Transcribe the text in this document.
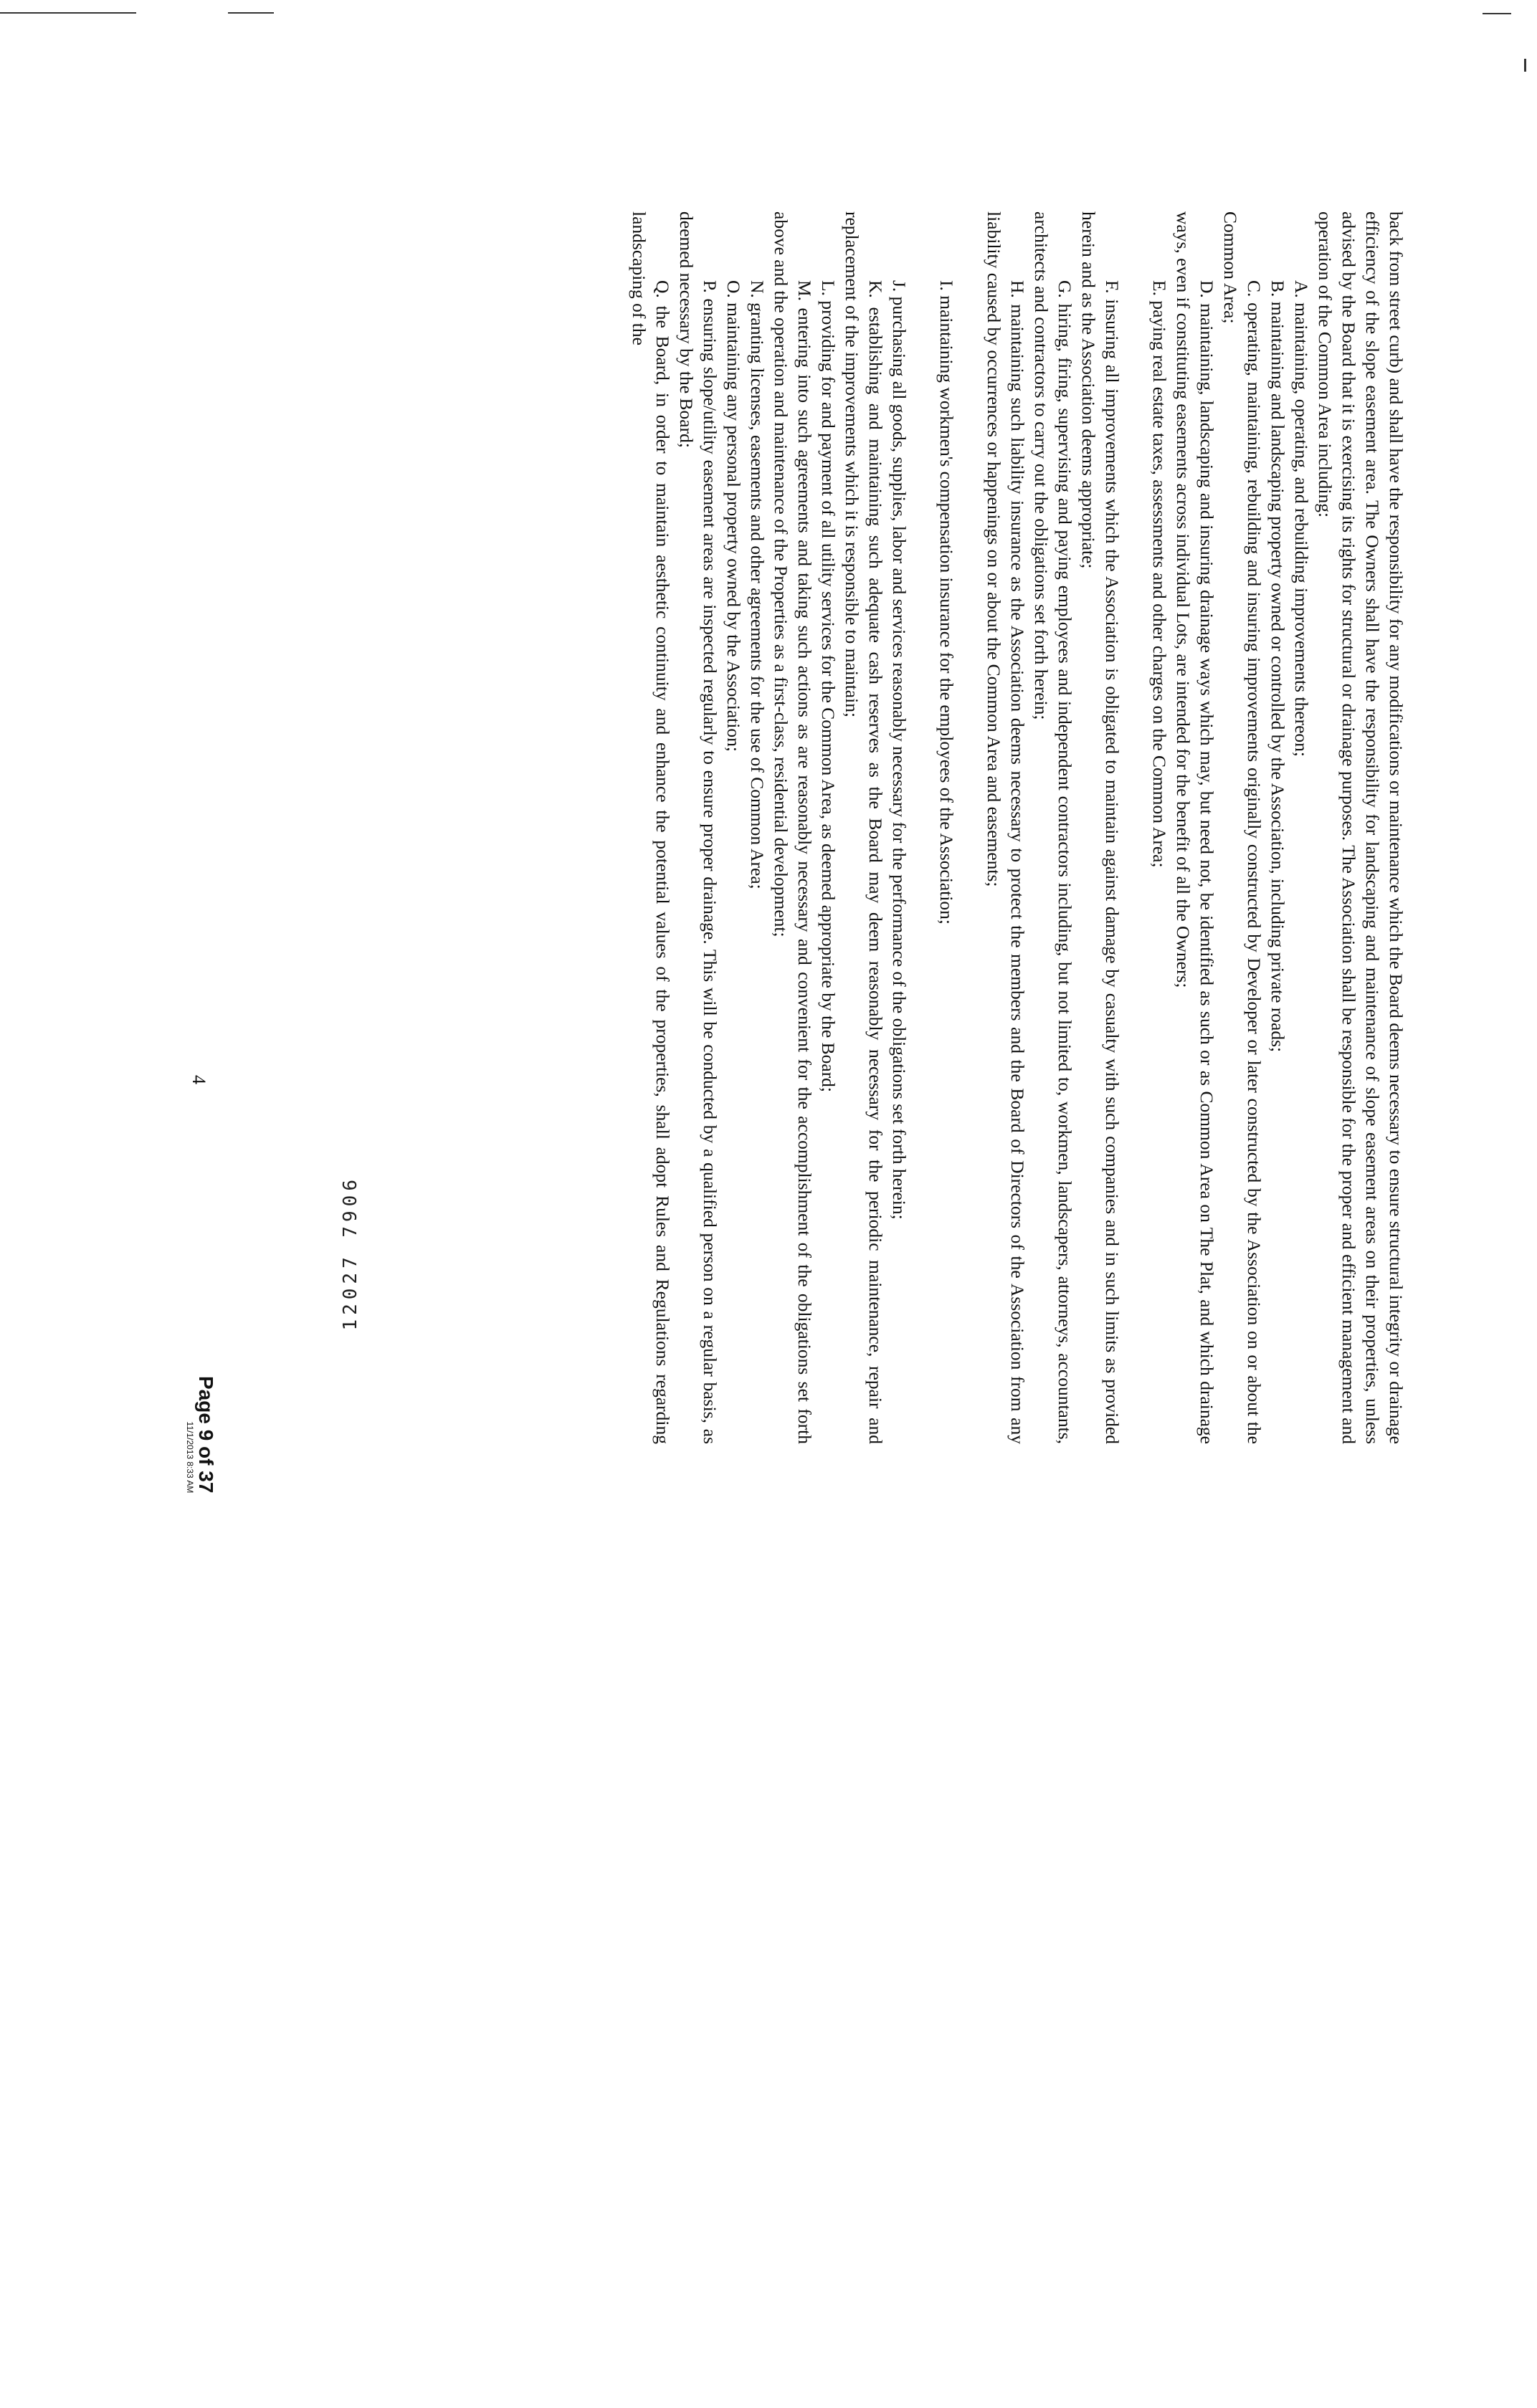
back from street curb) and shall have the responsibility for any modifications or maintenance which the Board deems necessary to ensure structural integrity or drainage efficiency of the slope easement area. The Owners shall have the responsibility for landscaping and maintenance of slope easement areas on their properties, unless advised by the Board that it is exercising its rights for structural or drainage purposes. The Association shall be responsible for the proper and efficient management and operation of the Common Area including:

A. maintaining, operating, and rebuilding improvements thereon;

B. maintaining and landscaping property owned or controlled by the Association, including private roads;

C. operating, maintaining, rebuilding and insuring improvements originally constructed by Developer or later constructed by the Association on or about the Common Area;

D. maintaining, landscaping and insuring drainage ways which may, but need not, be identified as such or as Common Area on The Plat, and which drainage ways, even if constituting easements across individual Lots, are intended for the benefit of all the Owners;

E. paying real estate taxes, assessments and other charges on the Common Area;

F. insuring all improvements which the Association is obligated to maintain against damage by casualty with such companies and in such limits as provided herein and as the Association deems appropriate;

G. hiring, firing, supervising and paying employees and independent contractors including, but not limited to, workmen, landscapers, attorneys, accountants, architects and contractors to carry out the obligations set forth herein;

H. maintaining such liability insurance as the Association deems necessary to protect the members and the Board of Directors of the Association from any liability caused by occurrences or happenings on or about the Common Area and easements;

I. maintaining workmen's compensation insurance for the employees of the Association;

J. purchasing all goods, supplies, labor and services reasonably necessary for the performance of the obligations set forth herein;

K. establishing and maintaining such adequate cash reserves as the Board may deem reasonably necessary for the periodic maintenance, repair and replacement of the improvements which it is responsible to maintain;

L. providing for and payment of all utility services for the Common Area, as deemed appropriate by the Board;

M. entering into such agreements and taking such actions as are reasonably necessary and convenient for the accomplishment of the obligations set forth above and the operation and maintenance of the Properties as a first-class, residential development;

N. granting licenses, easements and other agreements for the use of Common Area;

O. maintaining any personal property owned by the Association;

P. ensuring slope/utility easement areas are inspected regularly to ensure proper drainage. This will be conducted by a qualified person on a regular basis, as deemed necessary by the Board;

Q. the Board, in order to maintain aesthetic continuity and enhance the potential values of the properties, shall adopt Rules and Regulations regarding landscaping of the

4
Page 9 of 37
11/1/2013 8:33 AM
12027 7906
